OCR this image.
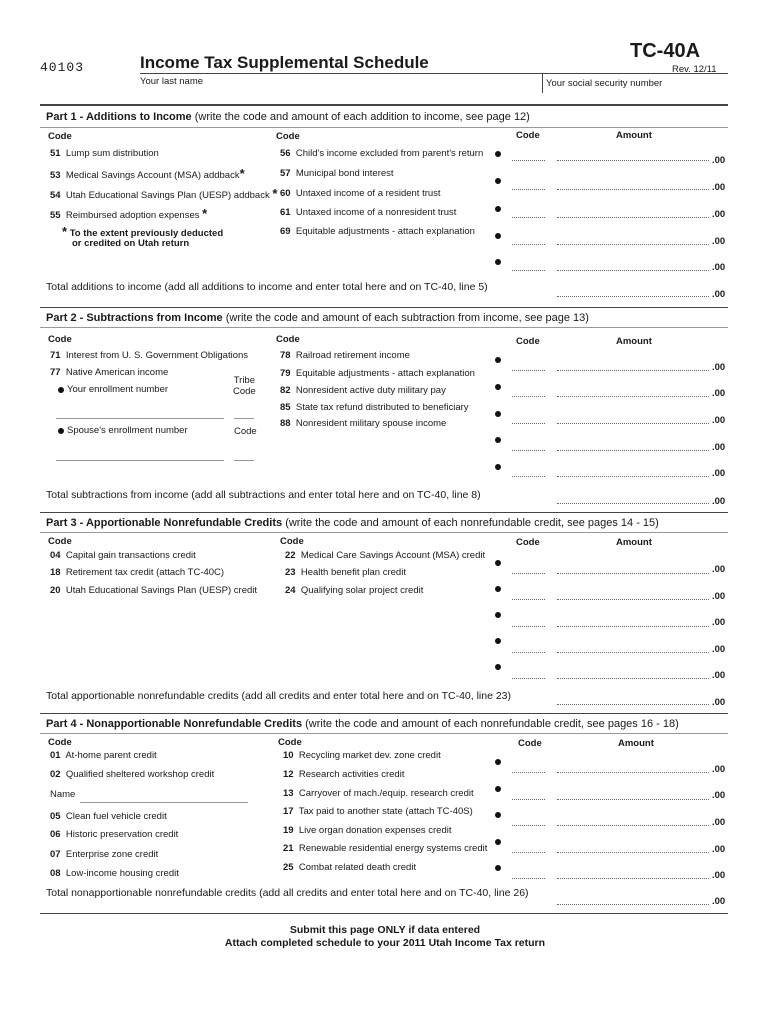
40103	Income Tax Supplemental Schedule
TC-40A
Rev. 12/11
Your last name	Your social security number
Part 1 - Additions to Income (write the code and amount of each addition to income, see page 12)
Code	Code	Code	Amount
51 Lump sum distribution
53 Medical Savings Account (MSA) addback*
54 Utah Educational Savings Plan (UESP) addback *
55 Reimbursed adoption expenses *
* To the extent previously deducted
or credited on Utah return
56 Child's income excluded from parent's return
57 Municipal bond interest
60 Untaxed income of a resident trust
61 Untaxed income of a nonresident trust
69 Equitable adjustments - attach explanation
.00
.00
.00
.00
.00
Total additions to income (add all additions to income and enter total here and on TC-40, line 5)
.00
Part 2 - Subtractions from Income (write the code and amount of each subtraction from income, see page 13)
Code	Code	Code	Amount
71 Interest from U. S. Government Obligations
77 Native American income
Tribe
Code
Your enrollment number
Spouse's enrollment number	Code
78 Railroad retirement income
79 Equitable adjustments - attach explanation
82 Nonresident active duty military pay
85 State tax refund distributed to beneficiary
88 Nonresident military spouse income
.00
.00
.00
.00
.00
Total subtractions from income (add all subtractions and enter total here and on TC-40, line 8)
.00
Part 3 - Apportionable Nonrefundable Credits (write the code and amount of each nonrefundable credit, see pages 14 - 15)
Code	Code	Code	Amount
04 Capital gain transactions credit
18 Retirement tax credit (attach TC-40C)
20 Utah Educational Savings Plan (UESP) credit
22 Medical Care Savings Account (MSA) credit
23 Health benefit plan credit
24 Qualifying solar project credit
.00
.00
.00
.00
.00
Total apportionable nonrefundable credits (add all credits and enter total here and on TC-40, line 23)
.00
Part 4 - Nonapportionable Nonrefundable Credits (write the code and amount of each nonrefundable credit, see pages 16 - 18)
Code	Code	Code	Amount
01 At-home parent credit
02 Qualified sheltered workshop credit
Name
05 Clean fuel vehicle credit
06 Historic preservation credit
07 Enterprise zone credit
08 Low-income housing credit
10 Recycling market dev. zone credit
12 Research activities credit
13 Carryover of mach./equip. research credit
17 Tax paid to another state (attach TC-40S)
19 Live organ donation expenses credit
21 Renewable residential energy systems credit
25 Combat related death credit
.00
.00
.00
.00
.00
Total nonapportionable nonrefundable credits (add all credits and enter total here and on TC-40, line 26)
.00
Submit this page ONLY if data entered
Attach completed schedule to your 2011 Utah Income Tax return
